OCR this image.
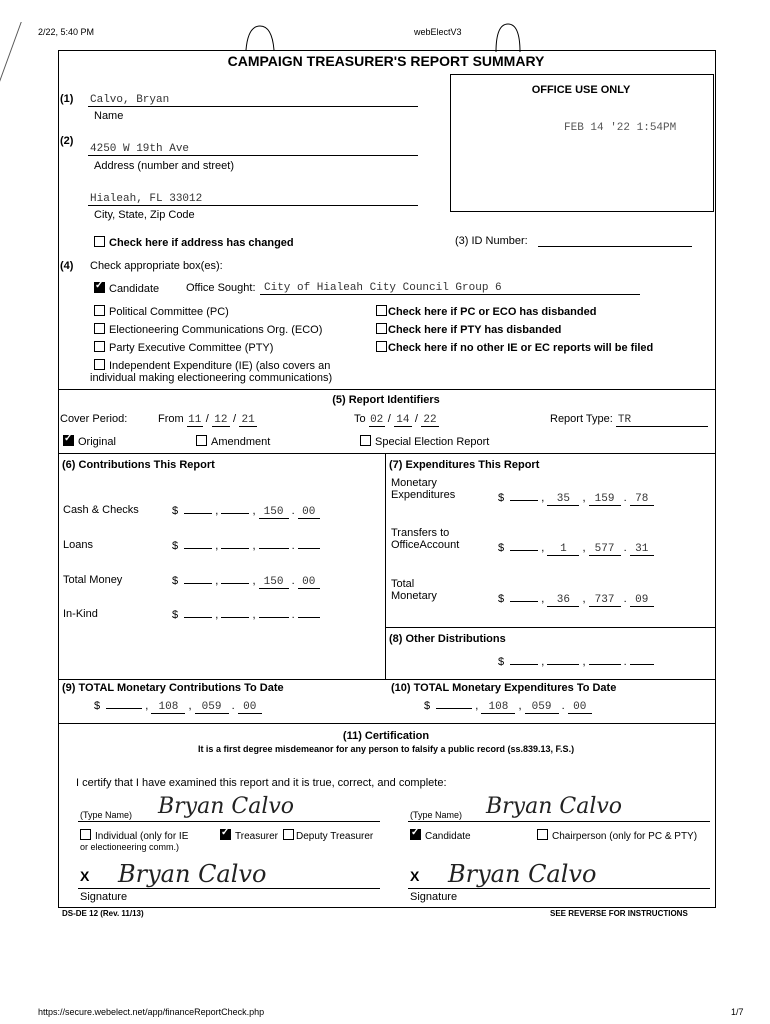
2/22, 5:40 PM	webElectV3
CAMPAIGN TREASURER'S REPORT SUMMARY
OFFICE USE ONLY
FEB 14 '22 1:54PM
(1) Calvo, Bryan
Name
(2)
4250 W 19th Ave
Address (number and street)
Hialeah, FL 33012
City, State, Zip Code
Check here if address has changed	(3) ID Number:
(4) Check appropriate box(es):
✓Candidate Office Sought: City of Hialeah City Council Group 6
Political Committee (PC)
Electioneering Communications Org. (ECO)
Party Executive Committee (PTY)
Independent Expenditure (IE) (also covers an
individual making electioneering communications)
Check here if PC or ECO has disbanded
Check here if PTY has disbanded
Check here if no other IE or EC reports will be filed
(5) Report Identifiers
Cover Period:	From 11 / 12 / 21	To 02 / 14 / 22	Report Type: TR
✓Original	Amendment	Special Election Report
(6) Contributions This Report
Cash & Checks	$	,	, 150 . 00
Loans	$	,	,	.
Total Money	$	,	, 150 . 00
In-Kind	$	,	,	.
(7) Expenditures This Report
Monetary
Expenditures	$	, 35 , 159 . 78
Transfers to
OfficeAccount	$	, 1 , 577 . 31
Total
Monetary	$	, 36 , 737 . 09
(8) Other Distributions
$	,	,	.
(9) TOTAL Monetary Contributions To Date
$	, 108 , 059 . 00
(10) TOTAL Monetary Expenditures To Date
$	, 108 , 059 . 00
(11) Certification
It is a first degree misdemeanor for any person to falsify a public record (ss.839.13, F.S.)
I certify that I have examined this report and it is true, correct, and complete:
(Type Name) Bryan Calvo
Individual (only for IE
or electioneering comm.)
✓Treasurer	Deputy Treasurer
X Bryan Calvo
Signature
(Type Name) Bryan Calvo
✓Candidate	Chairperson (only for PC & PTY)
X Bryan Calvo
Signature
DS-DE 12 (Rev. 11/13)	SEE REVERSE FOR INSTRUCTIONS
https://secure.webelect.net/app/financeReportCheck.php	1/7
